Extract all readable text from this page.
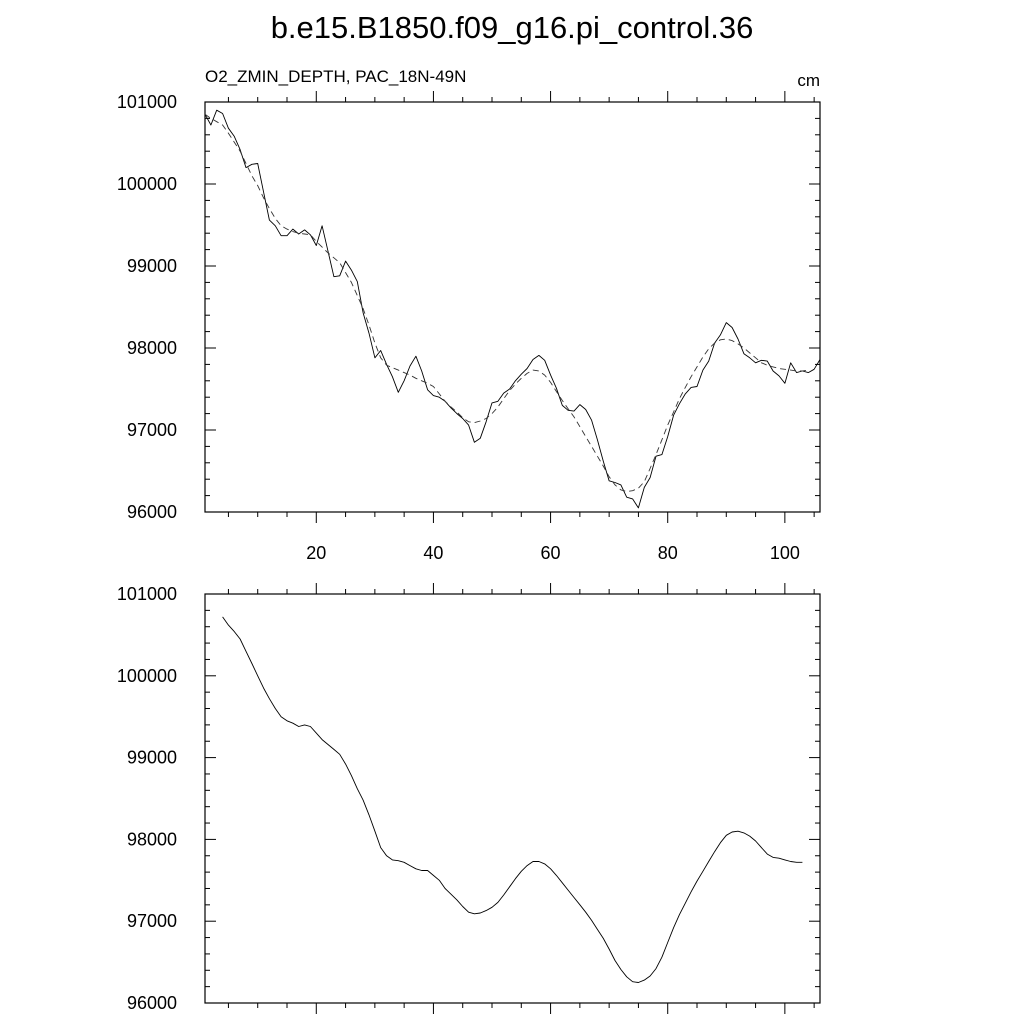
b.e15.B1850.f09_g16.pi_control.36
96000
97000
98000
99000
100000
101000
20	40	60	80	100
O2_ZMIN_DEPTH, PAC_18N-49N	cm
96000
97000
98000
99000
100000
101000
